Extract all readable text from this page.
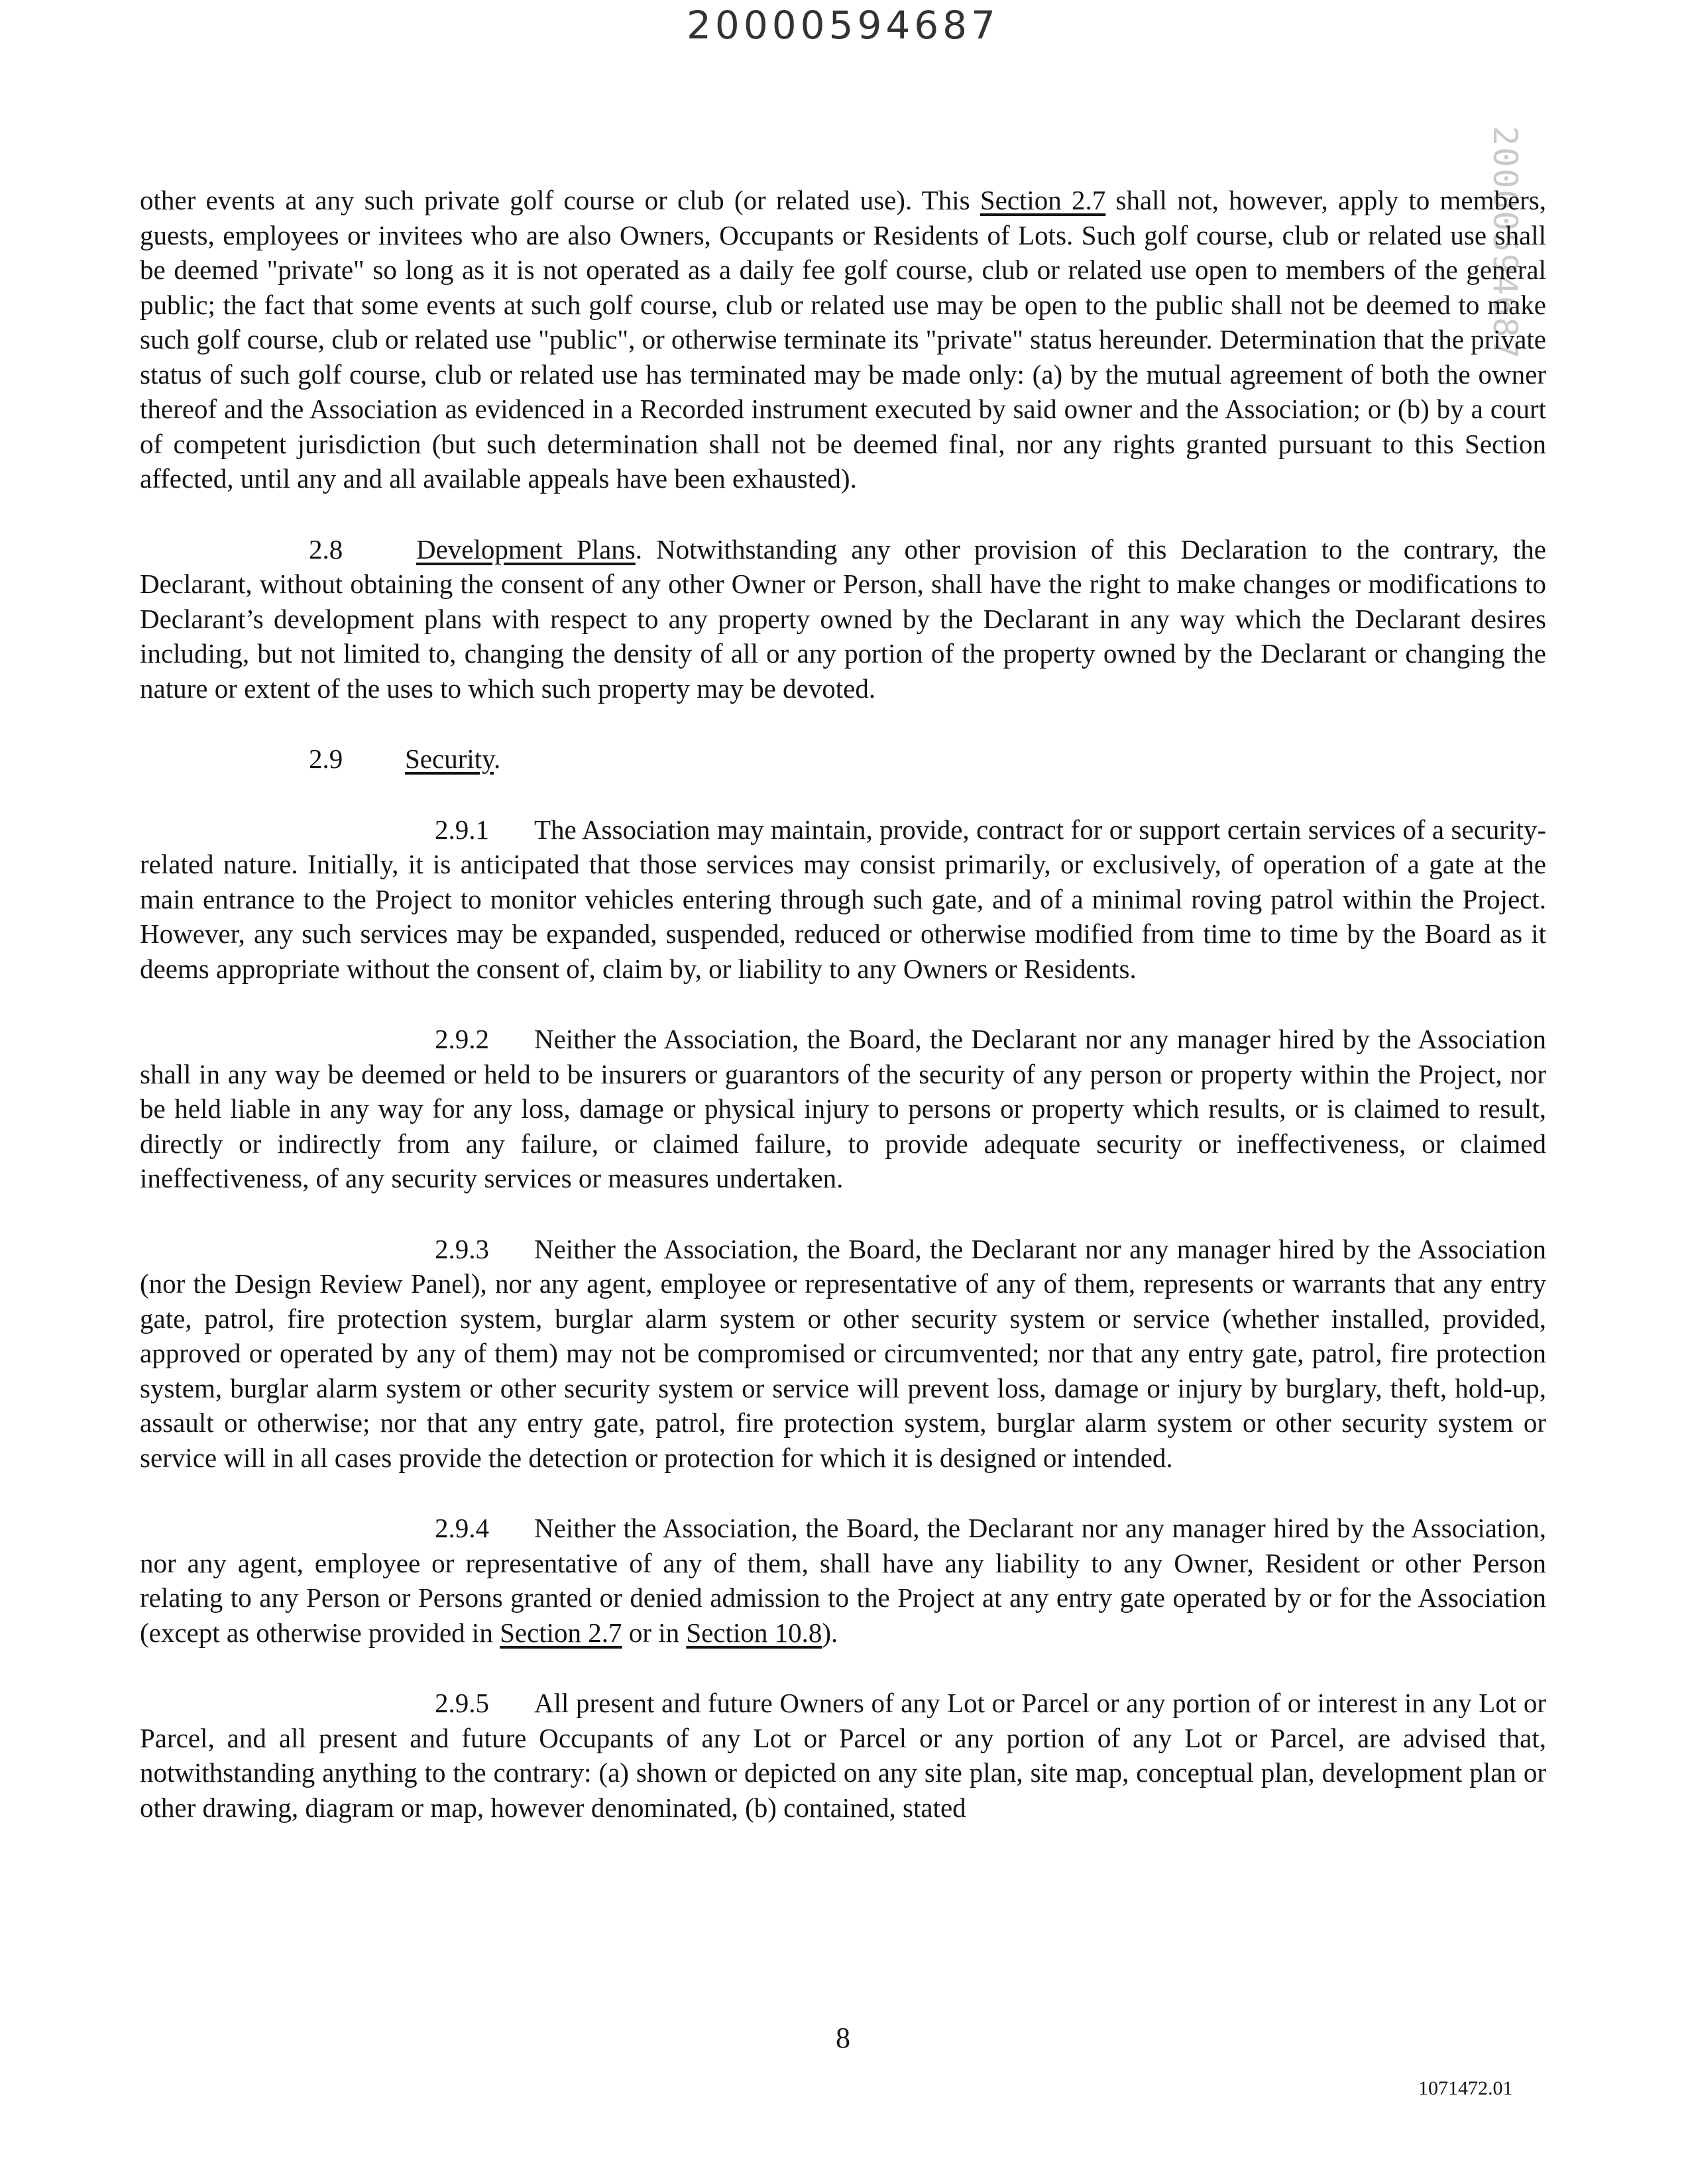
20000594687
20000594687

other events at any such private golf course or club (or related use). This Section 2.7 shall not, however, apply to members, guests, employees or invitees who are also Owners, Occupants or Residents of Lots. Such golf course, club or related use shall be deemed "private" so long as it is not operated as a daily fee golf course, club or related use open to members of the general public; the fact that some events at such golf course, club or related use may be open to the public shall not be deemed to make such golf course, club or related use "public", or otherwise terminate its "private" status hereunder. Determination that the private status of such golf course, club or related use has terminated may be made only: (a) by the mutual agreement of both the owner thereof and the Association as evidenced in a Recorded instrument executed by said owner and the Association; or (b) by a court of competent jurisdiction (but such determination shall not be deemed final, nor any rights granted pursuant to this Section affected, until any and all available appeals have been exhausted).

2.8	Development Plans. Notwithstanding any other provision of this Declaration to the contrary, the Declarant, without obtaining the consent of any other Owner or Person, shall have the right to make changes or modifications to Declarant’s development plans with respect to any property owned by the Declarant in any way which the Declarant desires including, but not limited to, changing the density of all or any portion of the property owned by the Declarant or changing the nature or extent of the uses to which such property may be devoted.

2.9 Security.

2.9.1 The Association may maintain, provide, contract for or support certain services of a security-related nature. Initially, it is anticipated that those services may consist primarily, or exclusively, of operation of a gate at the main entrance to the Project to monitor vehicles entering through such gate, and of a minimal roving patrol within the Project. However, any such services may be expanded, suspended, reduced or otherwise modified from time to time by the Board as it deems appropriate without the consent of, claim by, or liability to any Owners or Residents.

2.9.2 Neither the Association, the Board, the Declarant nor any manager hired by the Association shall in any way be deemed or held to be insurers or guarantors of the security of any person or property within the Project, nor be held liable in any way for any loss, damage or physical injury to persons or property which results, or is claimed to result, directly or indirectly from any failure, or claimed failure, to provide adequate security or ineffectiveness, or claimed ineffectiveness, of any security services or measures undertaken.

2.9.3 Neither the Association, the Board, the Declarant nor any manager hired by the Association (nor the Design Review Panel), nor any agent, employee or representative of any of them, represents or warrants that any entry gate, patrol, fire protection system, burglar alarm system or other security system or service (whether installed, provided, approved or operated by any of them) may not be compromised or circumvented; nor that any entry gate, patrol, fire protection system, burglar alarm system or other security system or service will prevent loss, damage or injury by burglary, theft, hold-up, assault or otherwise; nor that any entry gate, patrol, fire protection system, burglar alarm system or other security system or service will in all cases provide the detection or protection for which it is designed or intended.

2.9.4 Neither the Association, the Board, the Declarant nor any manager hired by the Association, nor any agent, employee or representative of any of them, shall have any liability to any Owner, Resident or other Person relating to any Person or Persons granted or denied admission to the Project at any entry gate operated by or for the Association (except as otherwise provided in Section 2.7 or in Section 10.8).

2.9.5 All present and future Owners of any Lot or Parcel or any portion of or interest in any Lot or Parcel, and all present and future Occupants of any Lot or Parcel or any portion of any Lot or Parcel, are advised that, notwithstanding anything to the contrary: (a) shown or depicted on any site plan, site map, conceptual plan, development plan or other drawing, diagram or map, however denominated, (b) contained, stated

8
1071472.01
